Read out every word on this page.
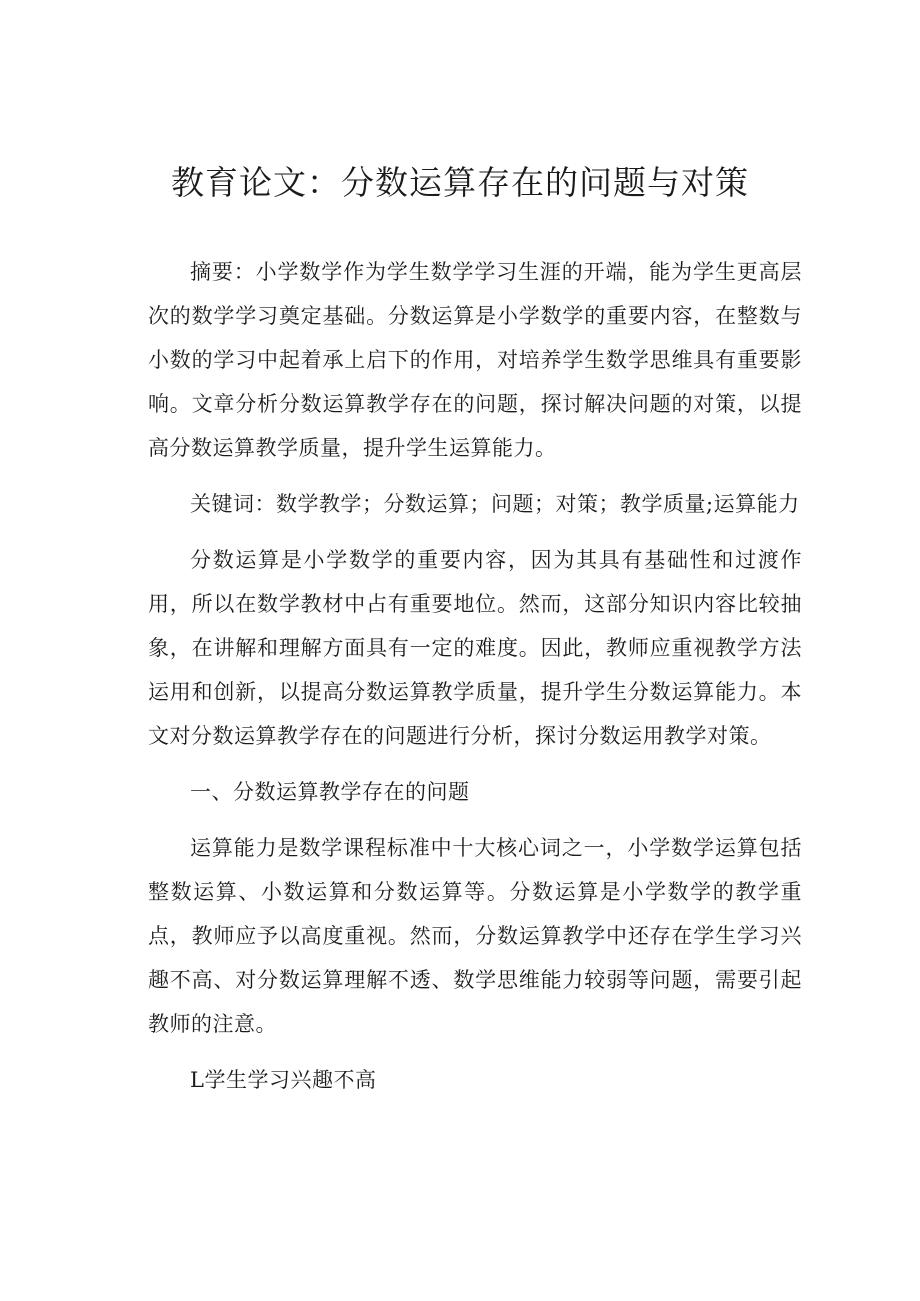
教育论文：分数运算存在的问题与对策

摘要：小学数学作为学生数学学习生涯的开端，能为学生更高层次的数学学习奠定基础。分数运算是小学数学的重要内容，在整数与小数的学习中起着承上启下的作用，对培养学生数学思维具有重要影响。文章分析分数运算教学存在的问题，探讨解决问题的对策，以提高分数运算教学质量，提升学生运算能力。

关键词：数学教学；分数运算；问题；对策；教学质量;运算能力

分数运算是小学数学的重要内容，因为其具有基础性和过渡作用，所以在数学教材中占有重要地位。然而，这部分知识内容比较抽象，在讲解和理解方面具有一定的难度。因此，教师应重视教学方法运用和创新，以提高分数运算教学质量，提升学生分数运算能力。本文对分数运算教学存在的问题进行分析，探讨分数运用教学对策。

一、分数运算教学存在的问题

运算能力是数学课程标准中十大核心词之一，小学数学运算包括整数运算、小数运算和分数运算等。分数运算是小学数学的教学重点，教师应予以高度重视。然而，分数运算教学中还存在学生学习兴趣不高、对分数运算理解不透、数学思维能力较弱等问题，需要引起教师的注意。

L学生学习兴趣不高
